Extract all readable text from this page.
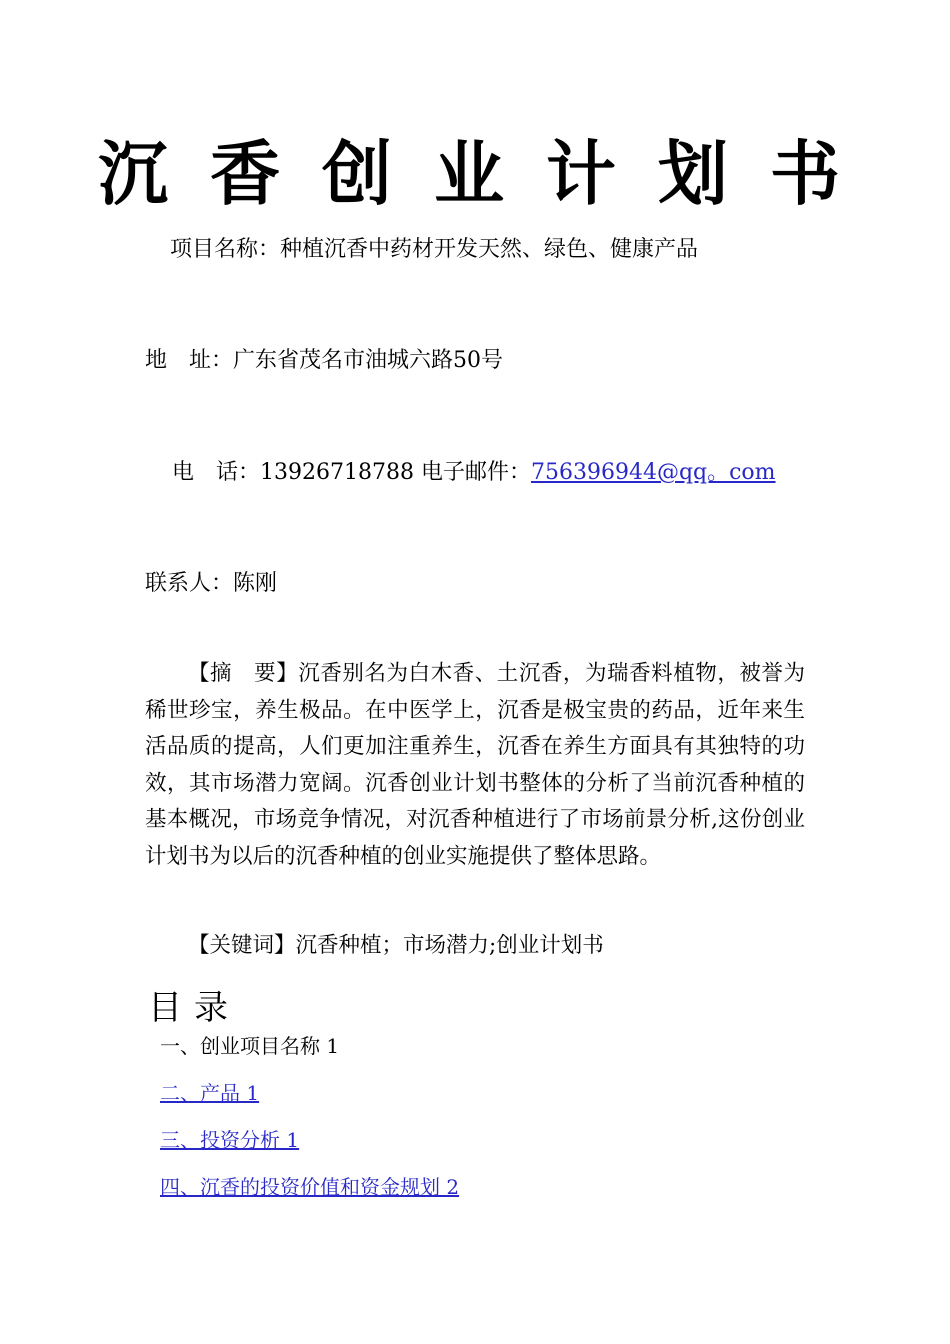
沉香创业计划书
项目名称：种植沉香中药材开发天然、绿色、健康产品
地　址：广东省茂名市油城六路50号
电　话：13926718788 电子邮件：756396944@qq。com
联系人：陈刚
【摘　要】沉香别名为白木香、土沉香，为瑞香料植物，被誉为稀世珍宝，养生极品。在中医学上，沉香是极宝贵的药品，近年来生活品质的提高，人们更加注重养生，沉香在养生方面具有其独特的功效，其市场潜力宽阔。沉香创业计划书整体的分析了当前沉香种植的基本概况，市场竞争情况，对沉香种植进行了市场前景分析,这份创业计划书为以后的沉香种植的创业实施提供了整体思路。
【关键词】沉香种植；市场潜力;创业计划书
目录
一、创业项目名称 1
二、产品 1
三、投资分析 1
四、沉香的投资价值和资金规划 2
